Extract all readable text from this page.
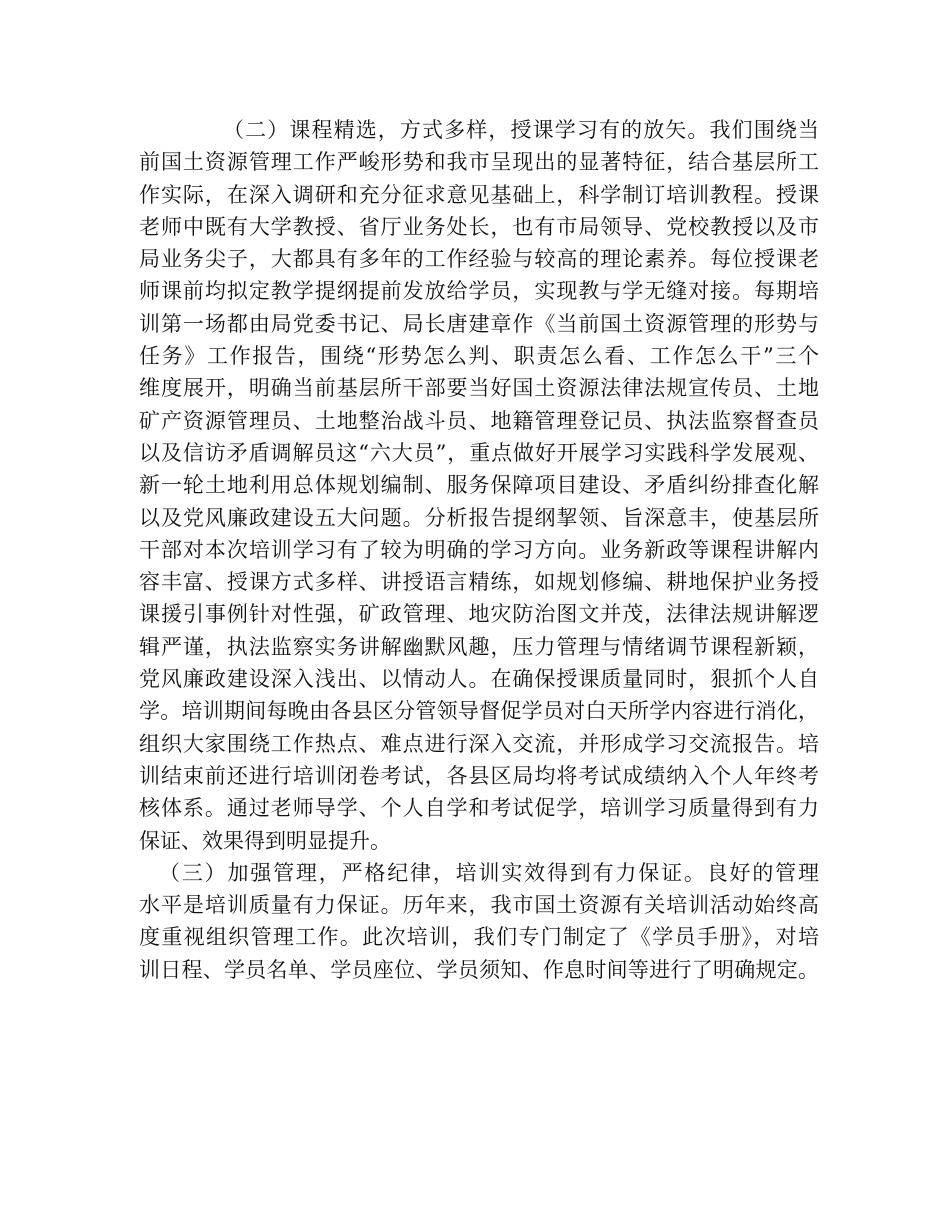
（二）课程精选，方式多样，授课学习有的放矢。我们围绕当
前国土资源管理工作严峻形势和我市呈现出的显著特征，结合基层所工
作实际，在深入调研和充分征求意见基础上，科学制订培训教程。授课
老师中既有大学教授、省厅业务处长，也有市局领导、党校教授以及市
局业务尖子，大都具有多年的工作经验与较高的理论素养。每位授课老
师课前均拟定教学提纲提前发放给学员，实现教与学无缝对接。每期培
训第一场都由局党委书记、局长唐建章作《当前国土资源管理的形势与
任务》工作报告，围绕“形势怎么判、职责怎么看、工作怎么干”三个
维度展开，明确当前基层所干部要当好国土资源法律法规宣传员、土地
矿产资源管理员、土地整治战斗员、地籍管理登记员、执法监察督查员
以及信访矛盾调解员这“六大员”，重点做好开展学习实践科学发展观、
新一轮土地利用总体规划编制、服务保障项目建设、矛盾纠纷排查化解
以及党风廉政建设五大问题。分析报告提纲挈领、旨深意丰，使基层所
干部对本次培训学习有了较为明确的学习方向。业务新政等课程讲解内
容丰富、授课方式多样、讲授语言精练，如规划修编、耕地保护业务授
课援引事例针对性强，矿政管理、地灾防治图文并茂，法律法规讲解逻
辑严谨，执法监察实务讲解幽默风趣，压力管理与情绪调节课程新颖，
党风廉政建设深入浅出、以情动人。在确保授课质量同时，狠抓个人自
学。培训期间每晚由各县区分管领导督促学员对白天所学内容进行消化，
组织大家围绕工作热点、难点进行深入交流，并形成学习交流报告。培
训结束前还进行培训闭卷考试，各县区局均将考试成绩纳入个人年终考
核体系。通过老师导学、个人自学和考试促学，培训学习质量得到有力
保证、效果得到明显提升。
（三）加强管理，严格纪律，培训实效得到有力保证。良好的管理
水平是培训质量有力保证。历年来，我市国土资源有关培训活动始终高
度重视组织管理工作。此次培训，我们专门制定了《学员手册》，对培
训日程、学员名单、学员座位、学员须知、作息时间等进行了明确规定。
